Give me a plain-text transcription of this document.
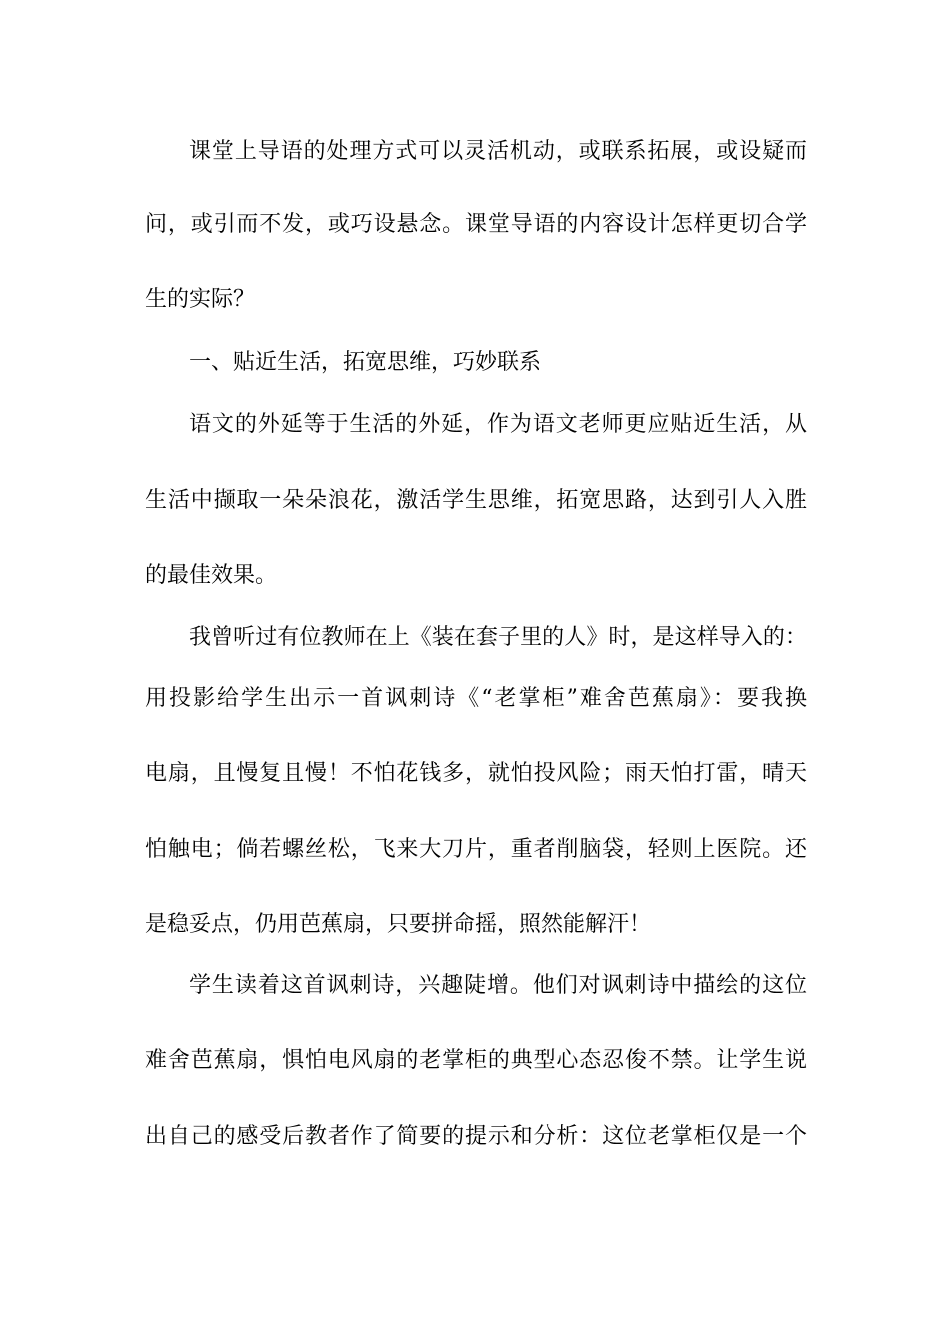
课堂上导语的处理方式可以灵活机动，或联系拓展，或设疑而
问，或引而不发，或巧设悬念。课堂导语的内容设计怎样更切合学
生的实际？
一、贴近生活，拓宽思维，巧妙联系
语文的外延等于生活的外延，作为语文老师更应贴近生活，从
生活中撷取一朵朵浪花，激活学生思维，拓宽思路，达到引人入胜
的最佳效果。
我曾听过有位教师在上《装在套子里的人》时，是这样导入的：
用投影给学生出示一首讽刺诗《“老掌柜”难舍芭蕉扇》：要我换
电扇，且慢复且慢！不怕花钱多，就怕投风险；雨天怕打雷，晴天
怕触电；倘若螺丝松，飞来大刀片，重者削脑袋，轻则上医院。还
是稳妥点，仍用芭蕉扇，只要拼命摇，照然能解汗！
学生读着这首讽刺诗，兴趣陡增。他们对讽刺诗中描绘的这位
难舍芭蕉扇，惧怕电风扇的老掌柜的典型心态忍俊不禁。让学生说
出自己的感受后教者作了简要的提示和分析：这位老掌柜仅是一个
